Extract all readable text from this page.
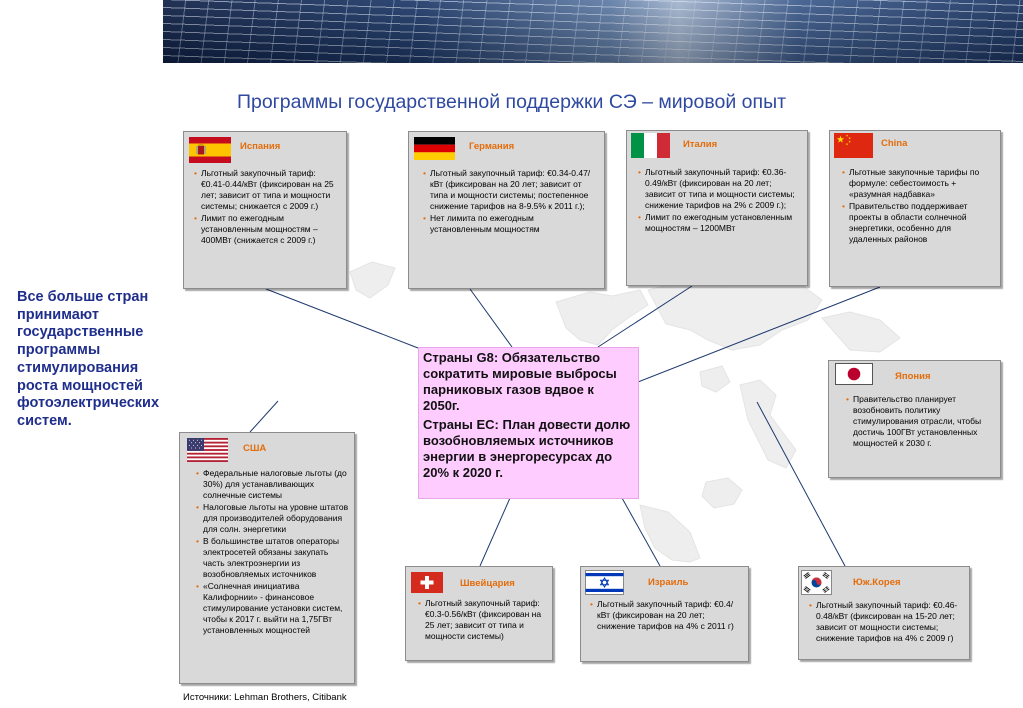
Программы государственной поддержки СЭ – мировой опыт
Все больше стран
принимают
государственные
программы
стимулирования
роста мощностей
фотоэлектрических
систем.
Испания
• Льготный закупочный тариф: €0.41-0.44/кВт (фиксирован на 25 лет; зависит от типа и мощности системы; снижается с 2009 г.)
• Лимит по ежегодным установленным мощностям – 400МВт (снижается с 2009 г.)
Германия
• Льготный закупочный тариф: €0.34-0.47/кВт (фиксирован на 20 лет; зависит от типа и мощности системы; постепенное снижение тарифов на 8-9.5% к 2011 г.);
• Нет лимита по ежегодным установленным мощностям
Италия
• Льготный закупочный тариф: €0.36-0.49/кВт (фиксирован на 20 лет; зависит от типа и мощности системы; снижение тарифов на 2% с 2009 г.);
• Лимит по ежегодным установленным мощностям – 1200МВт
China
• Льготные закупочные тарифы по формуле: себестоимость + «разумная надбавка»
• Правительство поддерживает проекты в области солнечной энергетики, особенно для удаленных районов
Япония
• Правительство планирует возобновить политику стимулирования отрасли, чтобы достичь 100ГВт установленных мощностей к 2030 г.
США
• Федеральные налоговые льготы (до 30%) для устанавливающих солнечные системы
• Налоговые льготы на уровне штатов для производителей оборудования для солн. энергетики
• В большинстве штатов операторы электросетей обязаны закупать часть электроэнергии из возобновляемых источников
• «Солнечная инициатива Калифорнии» - финансовое стимулирование установки систем, чтобы к 2017 г. выйти на 1,75ГВт установленных мощностей
Швейцария
• Льготный закупочный тариф: €0.3-0.56/кВт (фиксирован на 25 лет; зависит от типа и мощности системы)
Израиль
• Льготный закупочный тариф: €0.4/кВт (фиксирован на 20 лет; снижение тарифов на 4% с 2011 г)
Юж.Корея
• Льготный закупочный тариф: €0.46-0.48/кВт (фиксирован на 15-20 лет; зависит от мощности системы; снижение тарифов на 4% с 2009 г)

Страны G8: Обязательство
сократить мировые выбросы
парниковых газов вдвое к
2050г.

Страны ЕС: План довести долю
возобновляемых источников
энергии в энергоресурсах до
20% к 2020 г.

Источники: Lehman Brothers, Citibank
